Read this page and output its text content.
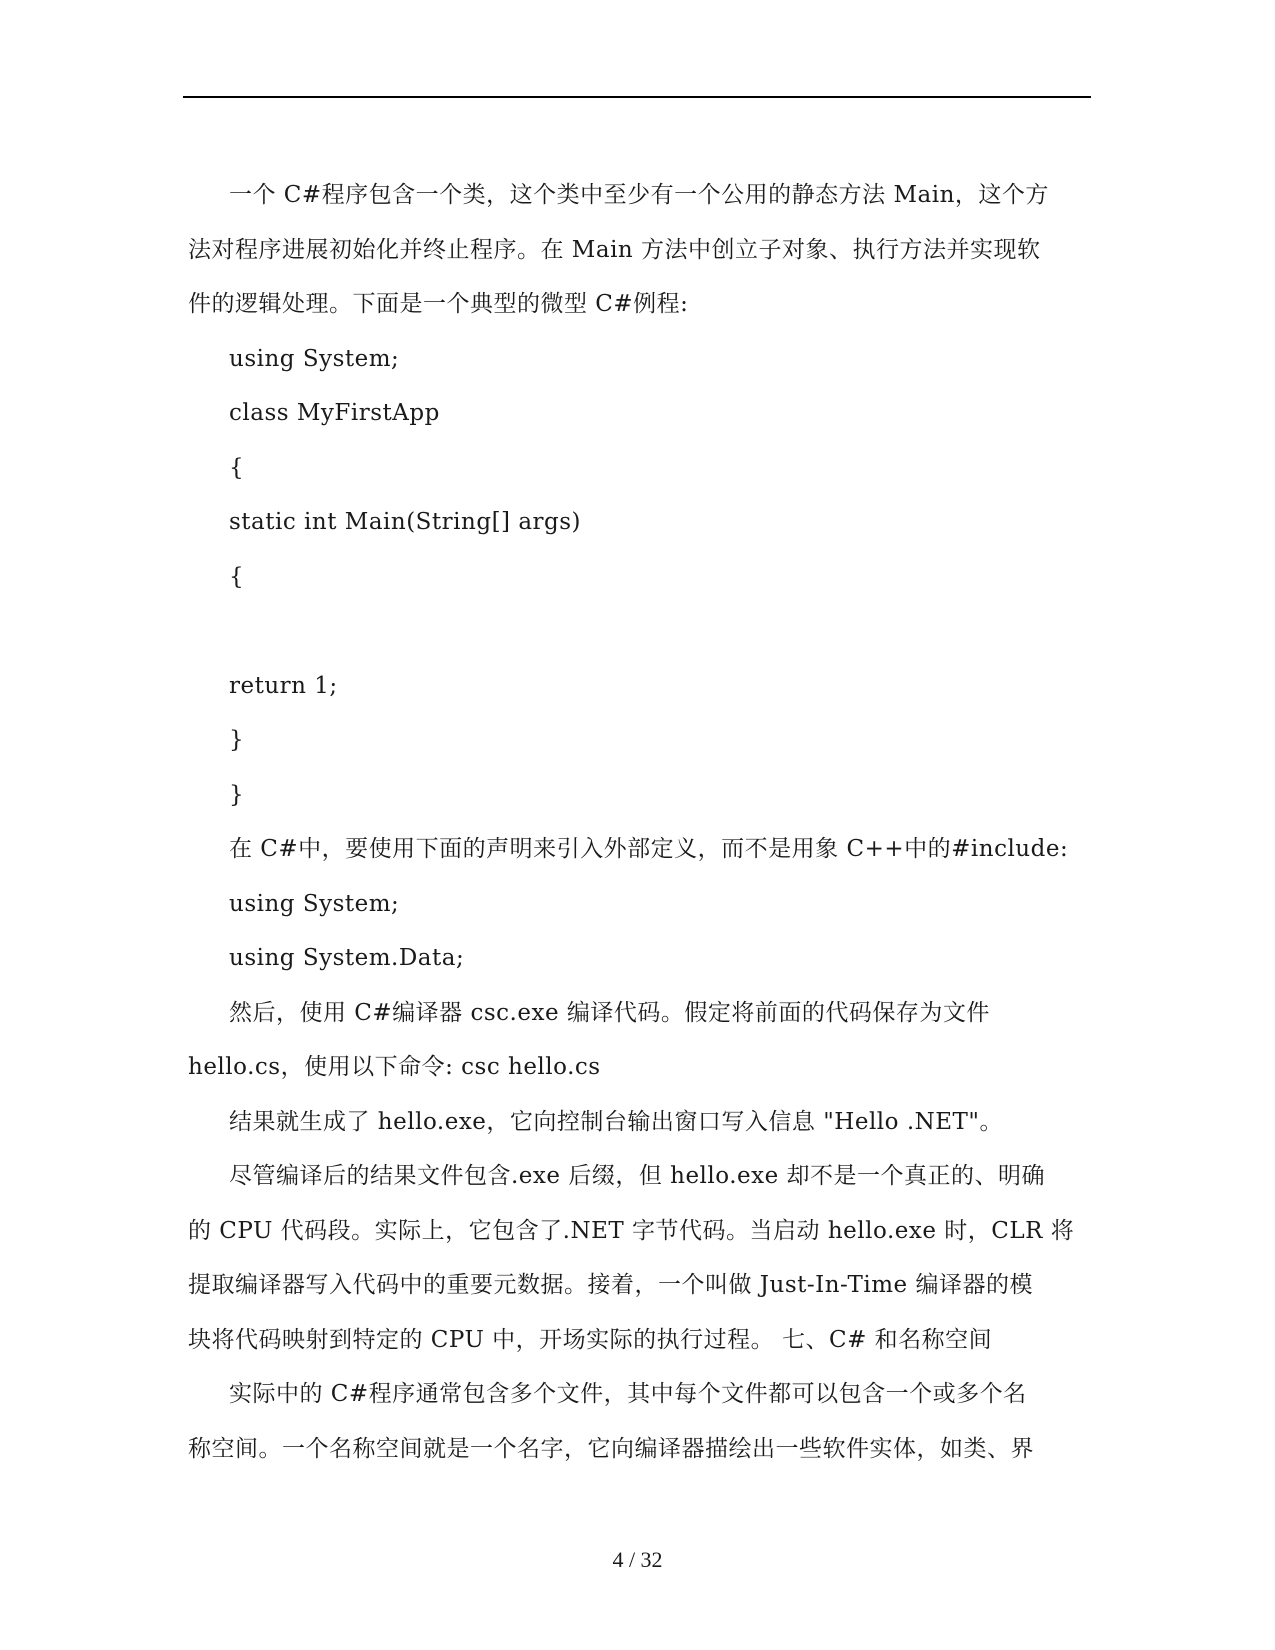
一个 C#程序包含一个类，这个类中至少有一个公用的静态方法 Main，这个方
法对程序进展初始化并终止程序。在 Main 方法中创立子对象、执行方法并实现软
件的逻辑处理。下面是一个典型的微型 C#例程:
using System;
class MyFirstApp
{
static int Main(String[] args)
{
return 1;
}
}
在 C#中，要使用下面的声明来引入外部定义，而不是用象 C++中的#include:
using System;
using System.Data;
然后，使用 C#编译器 csc.exe 编译代码。假定将前面的代码保存为文件
hello.cs，使用以下命令: csc hello.cs
结果就生成了 hello.exe，它向控制台输出窗口写入信息 "Hello .NET"。
尽管编译后的结果文件包含.exe 后缀，但 hello.exe 却不是一个真正的、明确
的 CPU 代码段。实际上，它包含了.NET 字节代码。当启动 hello.exe 时，CLR 将
提取编译器写入代码中的重要元数据。接着，一个叫做 Just-In-Time 编译器的模
块将代码映射到特定的 CPU 中，开场实际的执行过程。 七、C# 和名称空间
实际中的 C#程序通常包含多个文件，其中每个文件都可以包含一个或多个名
称空间。一个名称空间就是一个名字，它向编译器描绘出一些软件实体，如类、界
4 / 32
